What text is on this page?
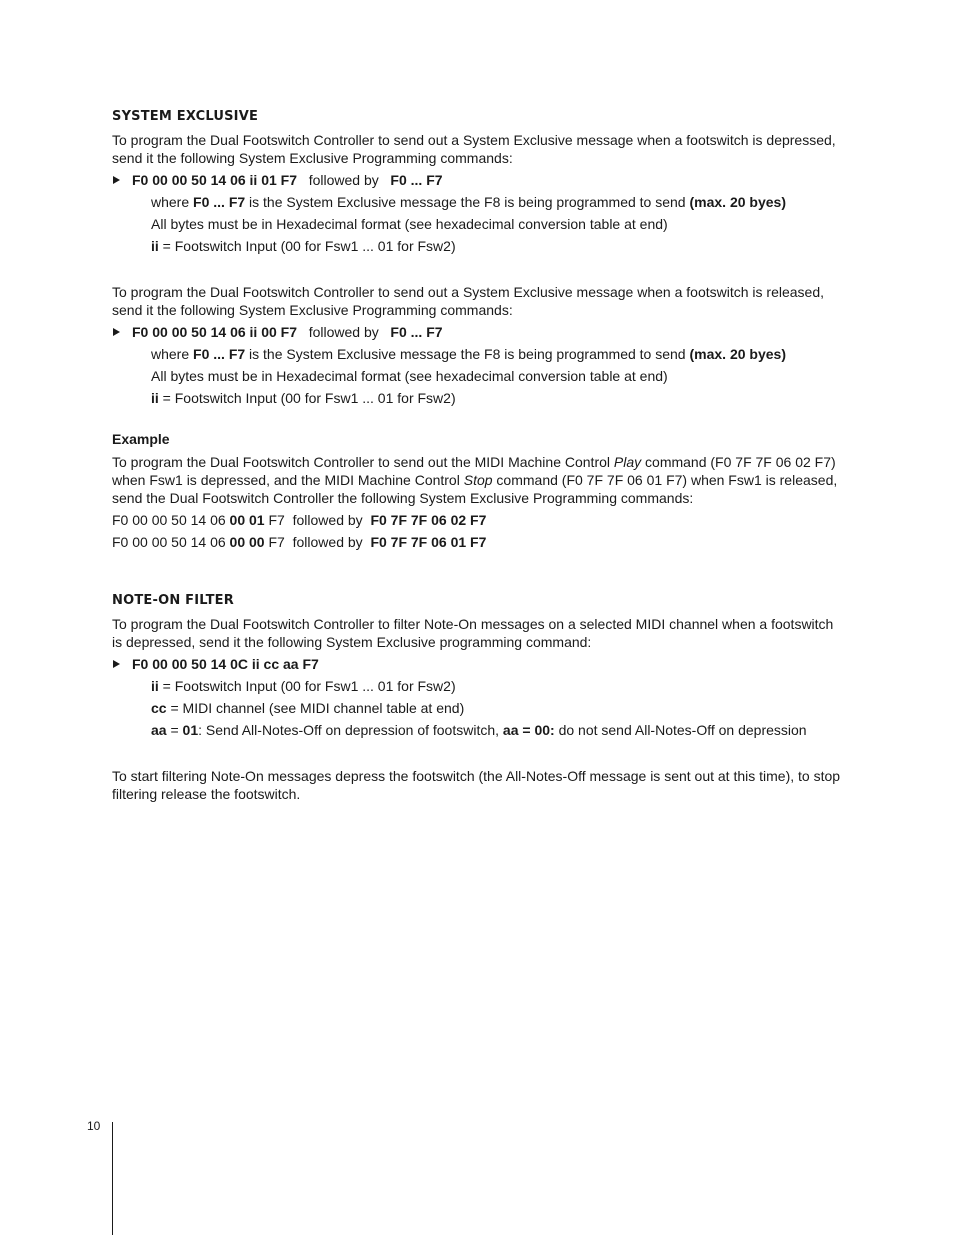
SYSTEM EXCLUSIVE

To program the Dual Footswitch Controller to send out a System Exclusive message when a footswitch is depressed, send it the following System Exclusive Programming commands:

F0 00 00 50 14 06 ii 01 F7 followed by F0 ... F7
where F0 ... F7 is the System Exclusive message the F8 is being programmed to send (max. 20 byes)
All bytes must be in Hexadecimal format (see hexadecimal conversion table at end)
ii = Footswitch Input (00 for Fsw1 ... 01 for Fsw2)

To program the Dual Footswitch Controller to send out a System Exclusive message when a footswitch is released, send it the following System Exclusive Programming commands:

F0 00 00 50 14 06 ii 00 F7 followed by F0 ... F7
where F0 ... F7 is the System Exclusive message the F8 is being programmed to send (max. 20 byes)
All bytes must be in Hexadecimal format (see hexadecimal conversion table at end)
ii = Footswitch Input (00 for Fsw1 ... 01 for Fsw2)
Example

To program the Dual Footswitch Controller to send out the MIDI Machine Control Play command (F0 7F 7F 06 02 F7) when Fsw1 is depressed, and the MIDI Machine Control Stop command (F0 7F 7F 06 01 F7) when Fsw1 is released, send the Dual Footswitch Controller the following System Exclusive Programming commands:

F0 00 00 50 14 06 00 01 F7 followed by F0 7F 7F 06 02 F7
F0 00 00 50 14 06 00 00 F7 followed by F0 7F 7F 06 01 F7
NOTE-ON FILTER

To program the Dual Footswitch Controller to filter Note-On messages on a selected MIDI channel when a footswitch is depressed, send it the following System Exclusive programming command:

F0 00 00 50 14 0C ii cc aa F7
ii = Footswitch Input (00 for Fsw1 ... 01 for Fsw2)
cc = MIDI channel (see MIDI channel table at end)
aa = 01: Send All-Notes-Off on depression of footswitch, aa = 00: do not send All-Notes-Off on depression

To start filtering Note-On messages depress the footswitch (the All-Notes-Off message is sent out at this time), to stop filtering release the footswitch.

10
